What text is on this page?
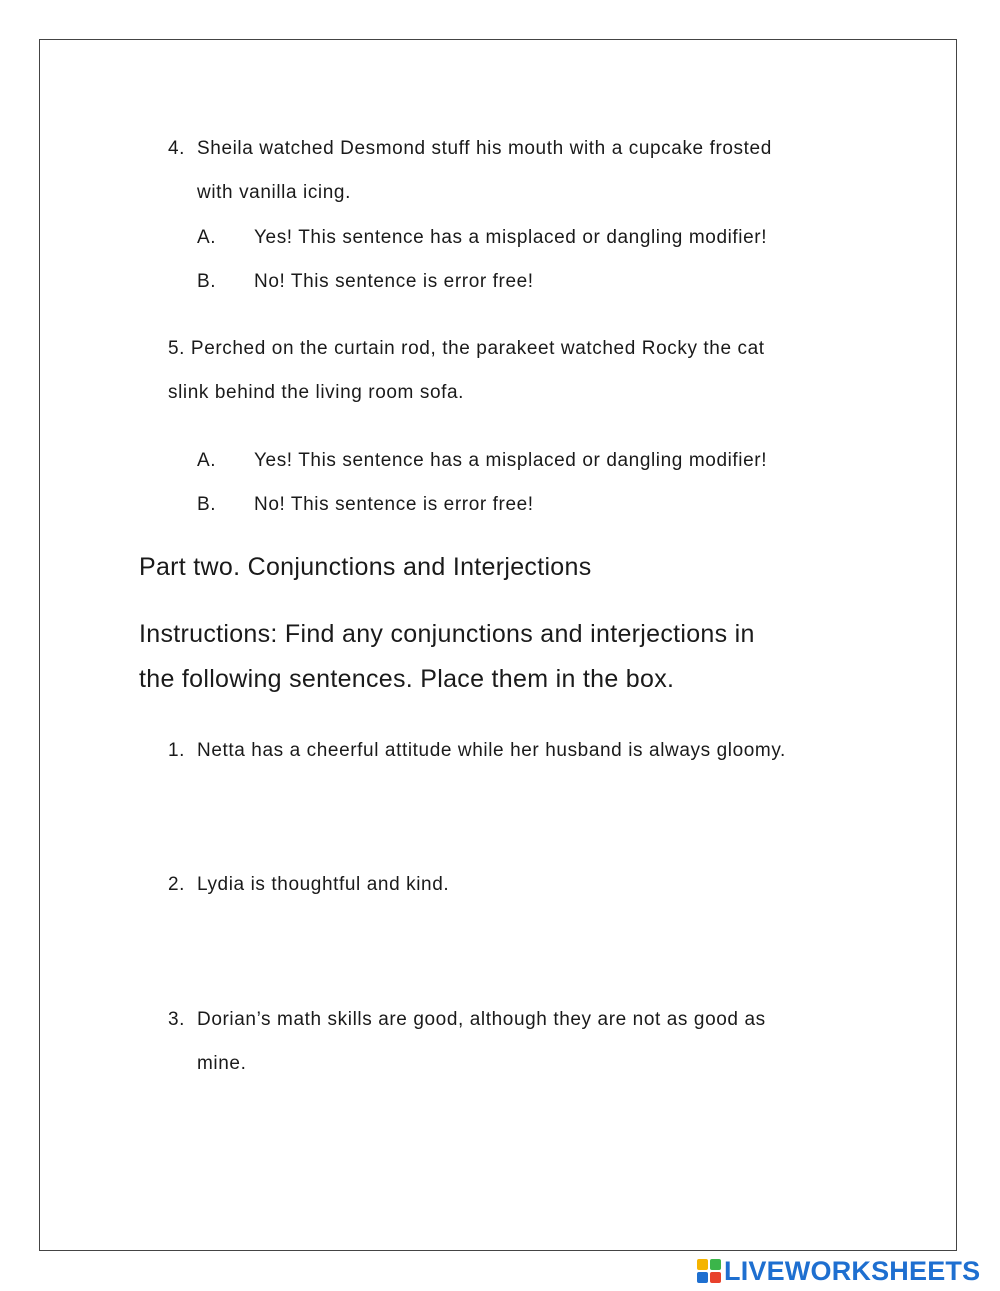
4. Sheila watched Desmond stuff his mouth with a cupcake frosted
with vanilla icing.
A. Yes! This sentence has a misplaced or dangling modifier!
B. No! This sentence is error free!
5. Perched on the curtain rod, the parakeet watched Rocky the cat
slink behind the living room sofa.
A. Yes! This sentence has a misplaced or dangling modifier!
B. No! This sentence is error free!
Part two. Conjunctions and Interjections
Instructions: Find any conjunctions and interjections in
the following sentences. Place them in the box.
1. Netta has a cheerful attitude while her husband is always gloomy.
2. Lydia is thoughtful and kind.
3. Dorian’s math skills are good, although they are not as good as
mine.
LIVEWORKSHEETS
